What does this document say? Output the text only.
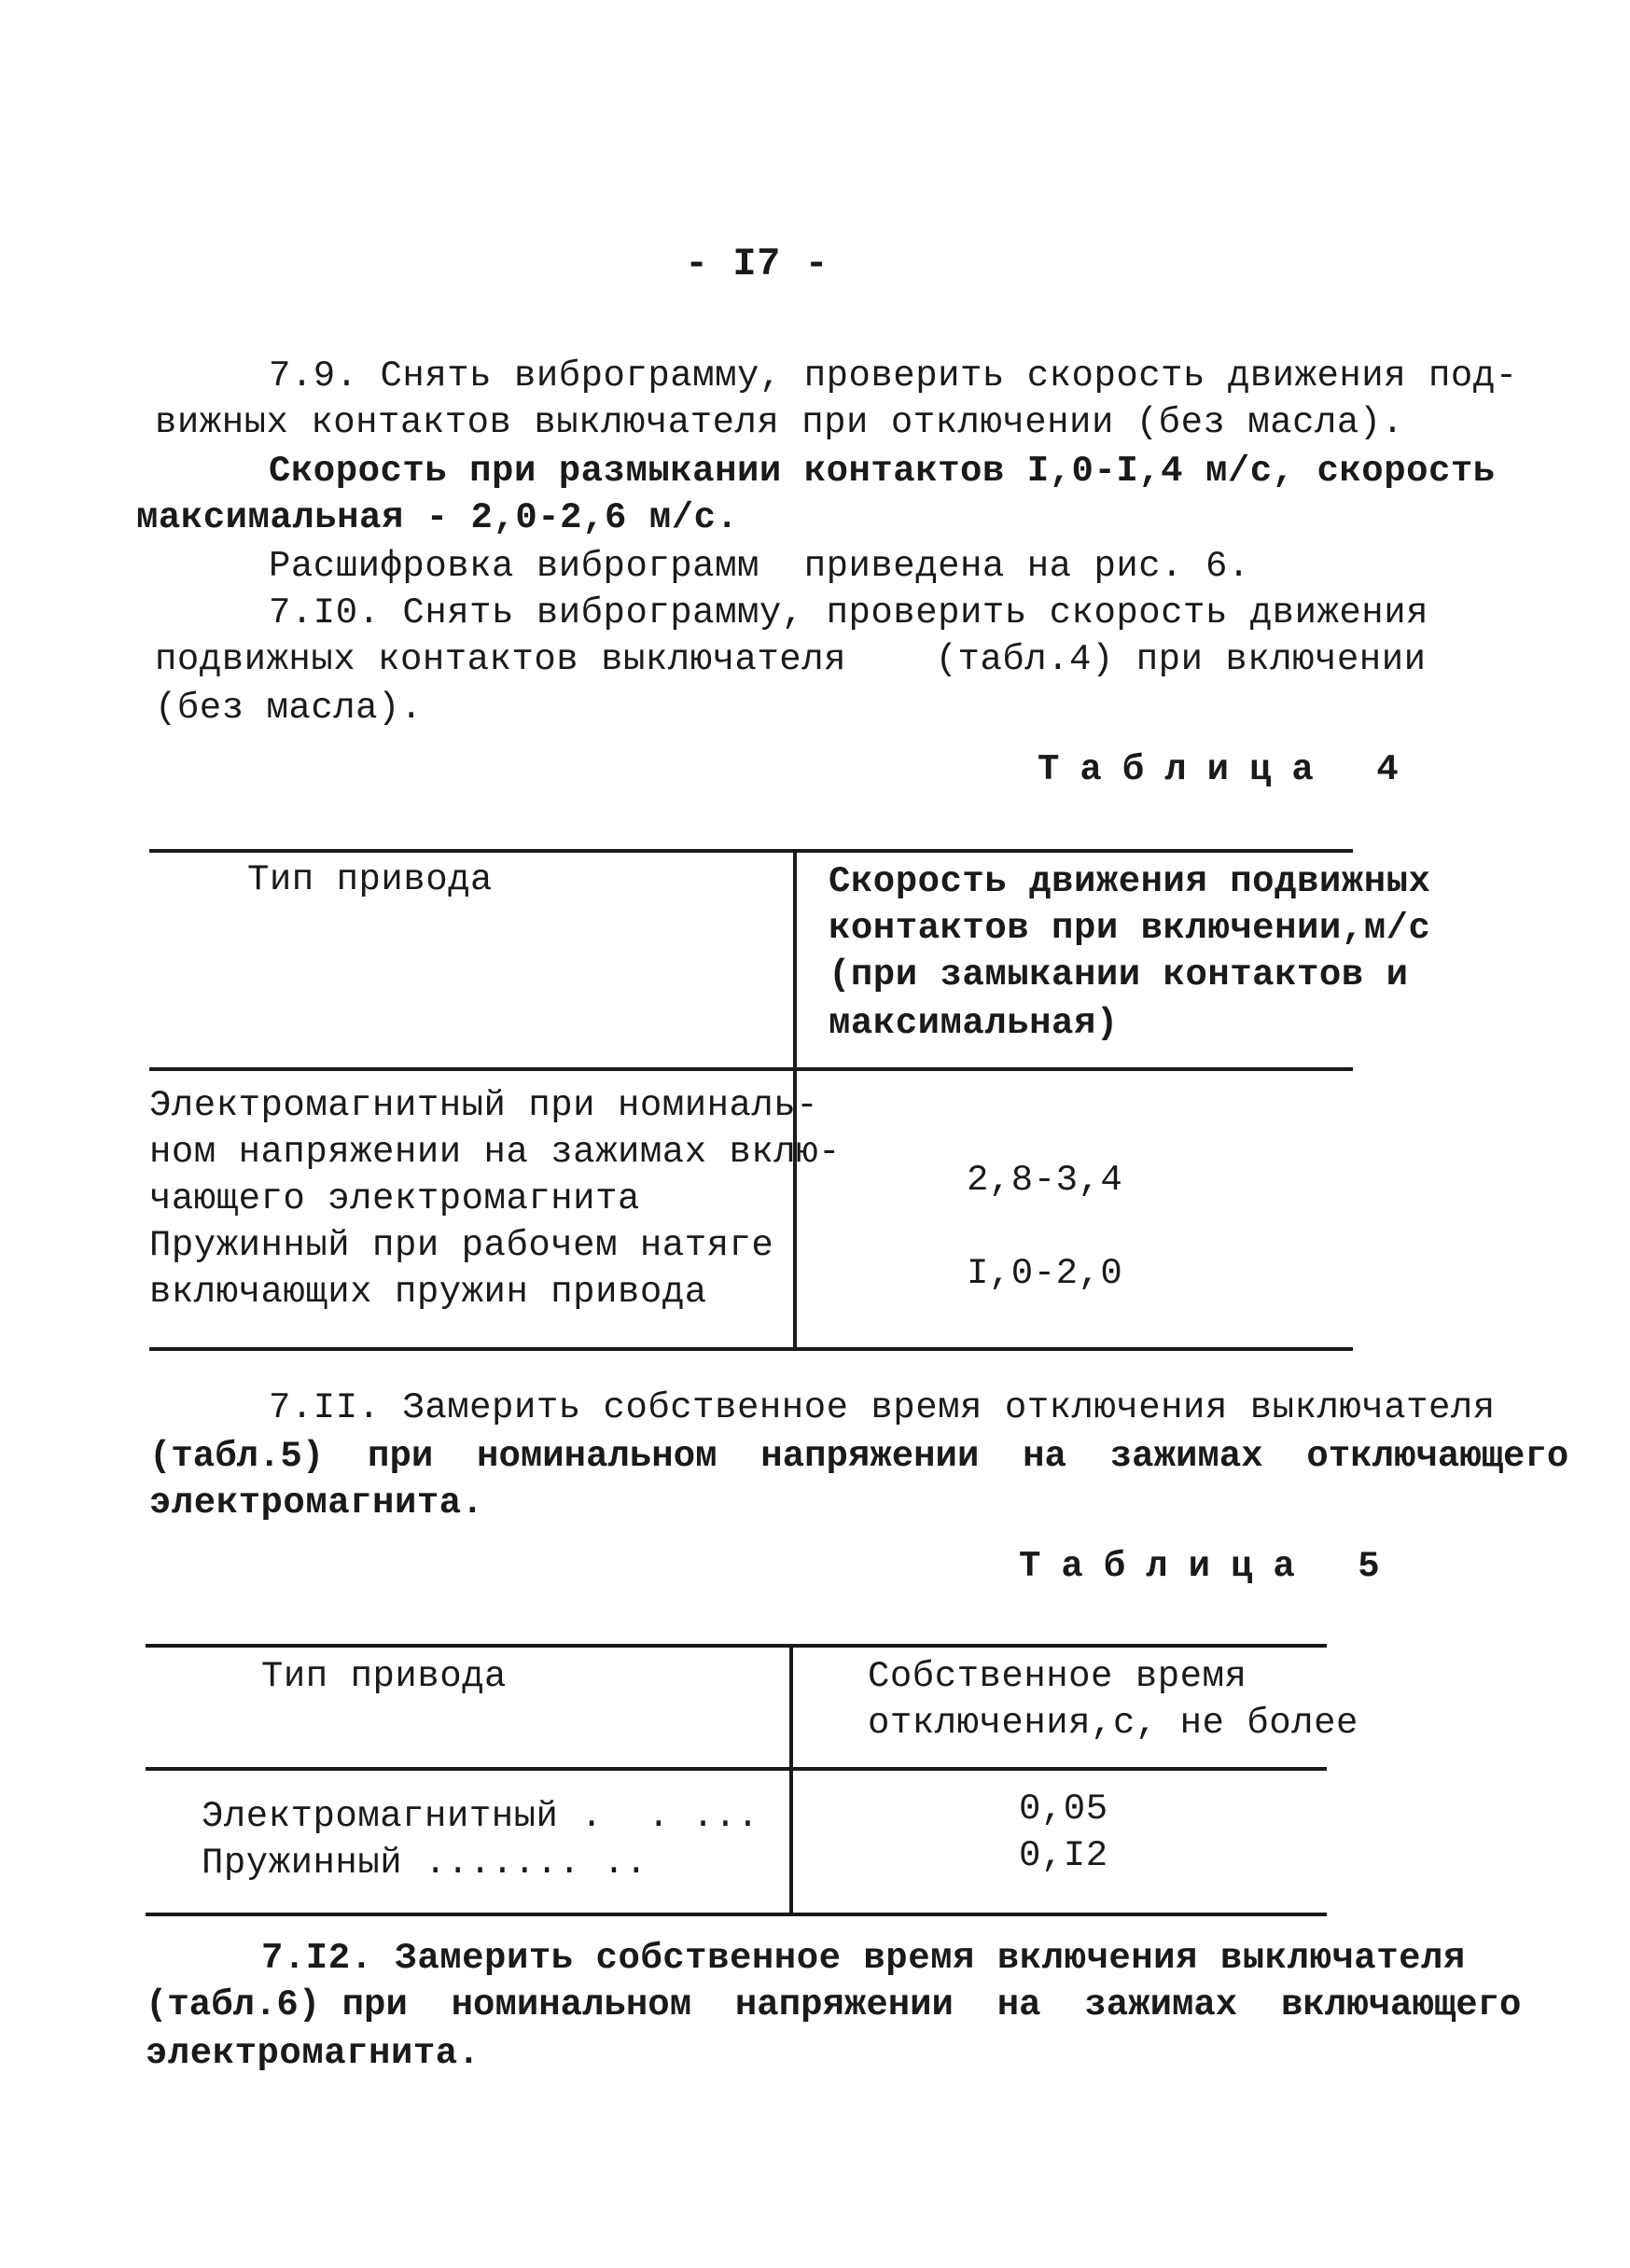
- I7 -
7.9. Снять виброграмму, проверить скорость движения под-
вижных контактов выключателя при отключении (без масла).
Скорость при размыкании контактов I,0-I,4 м/с, скорость
максимальная - 2,0-2,6 м/с.
Расшифровка виброграмм  приведена на рис. 6.
7.I0. Снять виброграмму, проверить скорость движения
подвижных контактов выключателя    (табл.4) при включении
(без масла).
Таблица 4
Тип привода	Скорость движения подвижных
контактов при включении,м/с
(при замыкании контактов и
максимальная)
Электромагнитный при номиналь-
ном напряжении на зажимах вклю-
чающего электромагнита	2,8-3,4
Пружинный при рабочем натяге
включающих пружин привода	I,0-2,0
7.II. Замерить собственное время отключения выключателя
(табл.5)  при  номинальном  напряжении  на  зажимах  отключающего
электромагнита.
Таблица 5
Тип привода	Собственное время
отключения,с, не более
Электромагнитный .  . ...	0,05
Пружинный ....... ..	0,I2
7.I2. Замерить собственное время включения выключателя
(табл.6) при  номинальном  напряжении  на  зажимах  включающего
электромагнита.
